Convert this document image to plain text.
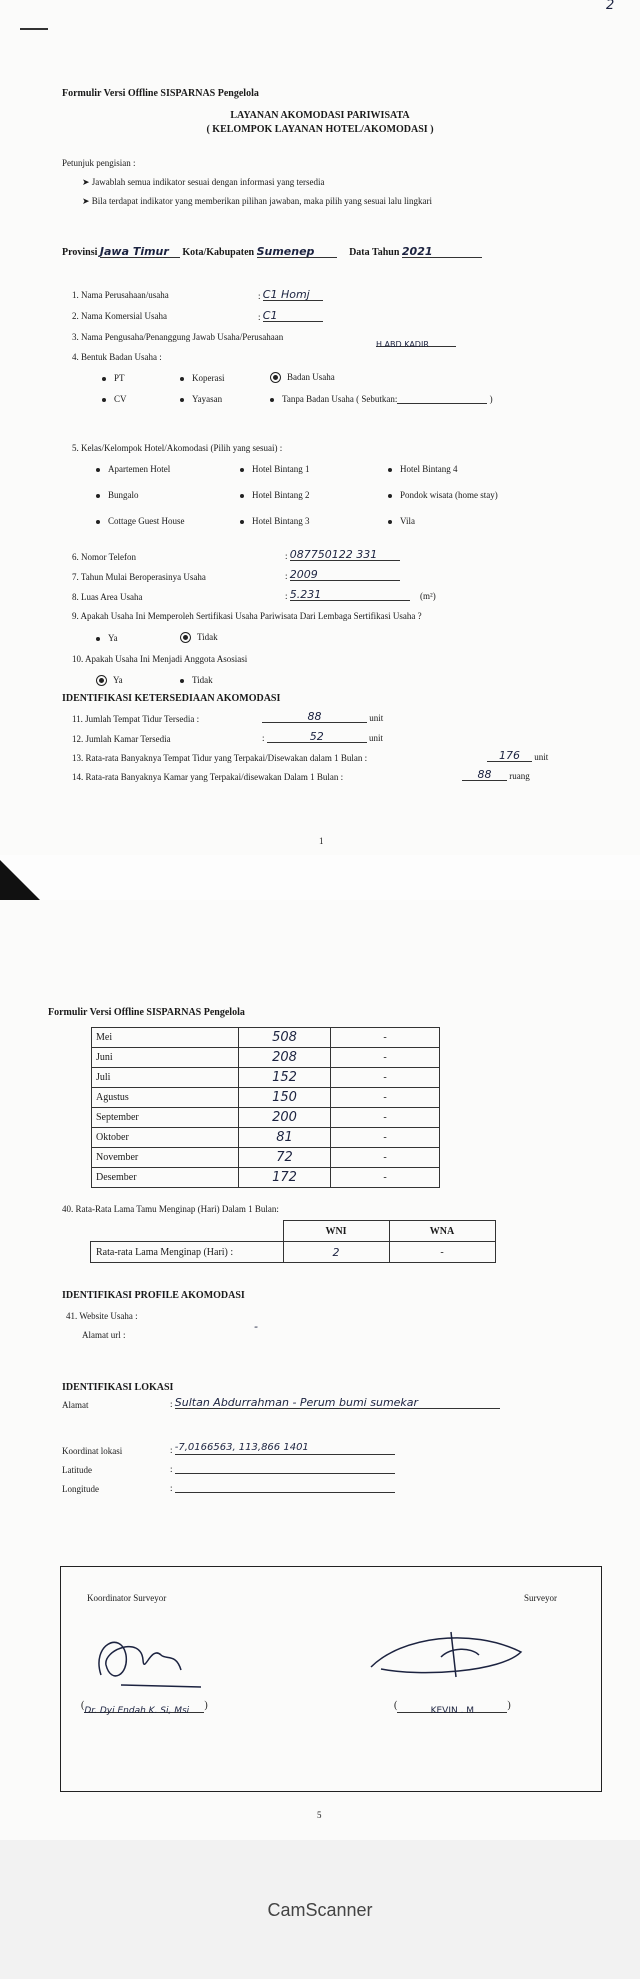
2
Formulir Versi Offline SISPARNAS Pengelola
LAYANAN AKOMODASI PARIWISATA
( KELOMPOK LAYANAN HOTEL/AKOMODASI )
Petunjuk pengisian :
➤ Jawablah semua indikator sesuai dengan informasi yang tersedia
➤ Bila terdapat indikator yang memberikan pilihan jawaban, maka pilih yang sesuai lalu lingkari
Provinsi Jawa Timur Kota/Kabupaten Sumenep	Data Tahun 2021
1. Nama Perusahaan/usaha	: C1 Homj
2. Nama Komersial Usaha	: C1
3. Nama Pengusaha/Penanggung Jawab Usaha/Perusahaan
H ABD KADIR
4. Bentuk Badan Usaha :
PT	Koperasi	Badan Usaha
CV	Yayasan	Tanpa Badan Usaha ( Sebutkan:	)
5. Kelas/Kelompok Hotel/Akomodasi (Pilih yang sesuai) :
Apartemen Hotel	Hotel Bintang 1	Hotel Bintang 4
Bungalo	Hotel Bintang 2	Pondok wisata (home stay)
Cottage Guest House	Hotel Bintang 3	Vila
6. Nomor Telefon	: 087750122 331
7. Tahun Mulai Beroperasinya Usaha	: 2009
8. Luas Area Usaha	: 5.231	(m²)
9. Apakah Usaha Ini Memperoleh Sertifikasi Usaha Pariwisata Dari Lembaga Sertifikasi Usaha ?
Ya	Tidak
10. Apakah Usaha Ini Menjadi Anggota Asosiasi
Ya	Tidak
IDENTIFIKASI KETERSEDIAAN AKOMODASI
11. Jumlah Tempat Tidur Tersedia :	88	unit
12. Jumlah Kamar Tersedia	:	52	unit
13. Rata-rata Banyaknya Tempat Tidur yang Terpakai/Disewakan dalam 1 Bulan :	176 unit
14. Rata-rata Banyaknya Kamar yang Terpakai/disewakan Dalam 1 Bulan :	88 ruang
1
Formulir Versi Offline SISPARNAS Pengelola
Mei	508	-
Juni	208	-
Juli	152	-
Agustus	150	-
September	200	-
Oktober	81	-
November	72	-
Desember	172	-
40. Rata-Rata Lama Tamu Menginap (Hari) Dalam 1 Bulan:
	WNI	WNA
Rata-rata Lama Menginap (Hari) :	2	-
IDENTIFIKASI PROFILE AKOMODASI
41. Website Usaha :
Alamat url :
-
IDENTIFIKASI LOKASI
Alamat	: Sultan Abdurrahman - Perum bumi sumekar
Koordinat lokasi	: -7,0166563, 113,866 1401
Latitude	:
Longitude	:
Koordinator Surveyor	Surveyor
(Dr. Dyi Endah K. Si, Msi )	(	KEVIN . M	)
5
CamScanner
